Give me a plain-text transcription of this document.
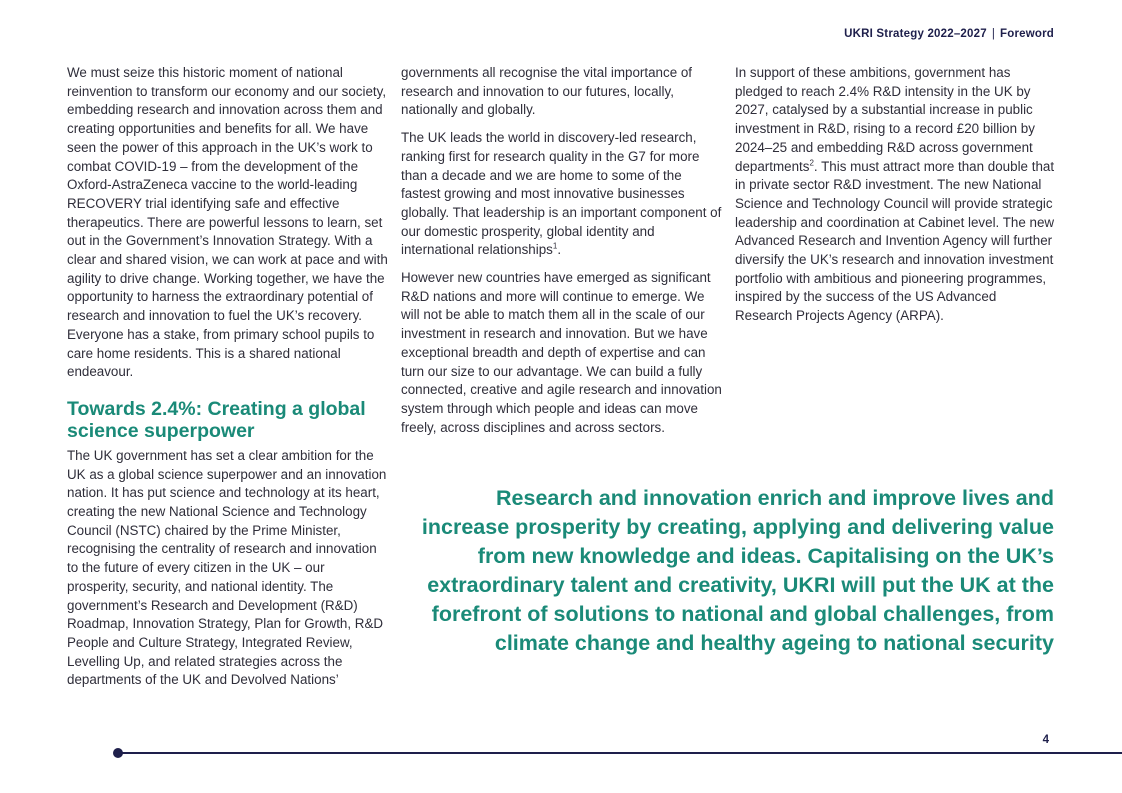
UKRI Strategy 2022–2027 | Foreword

We must seize this historic moment of national reinvention to transform our economy and our society, embedding research and innovation across them and creating opportunities and benefits for all. We have seen the power of this approach in the UK’s work to combat COVID-19 – from the development of the Oxford-AstraZeneca vaccine to the world-leading RECOVERY trial identifying safe and effective therapeutics. There are powerful lessons to learn, set out in the Government’s Innovation Strategy. With a clear and shared vision, we can work at pace and with agility to drive change. Working together, we have the opportunity to harness the extraordinary potential of research and innovation to fuel the UK’s recovery. Everyone has a stake, from primary school pupils to care home residents. This is a shared national endeavour.

Towards 2.4%: Creating a global science superpower

The UK government has set a clear ambition for the UK as a global science superpower and an innovation nation. It has put science and technology at its heart, creating the new National Science and Technology Council (NSTC) chaired by the Prime Minister, recognising the centrality of research and innovation to the future of every citizen in the UK – our prosperity, security, and national identity. The government’s Research and Development (R&D) Roadmap, Innovation Strategy, Plan for Growth, R&D People and Culture Strategy, Integrated Review, Levelling Up, and related strategies across the departments of the UK and Devolved Nations’

governments all recognise the vital importance of research and innovation to our futures, locally, nationally and globally.

The UK leads the world in discovery-led research, ranking first for research quality in the G7 for more than a decade and we are home to some of the fastest growing and most innovative businesses globally. That leadership is an important component of our domestic prosperity, global identity and international relationships$^1$.

However new countries have emerged as significant R&D nations and more will continue to emerge. We will not be able to match them all in the scale of our investment in research and innovation. But we have exceptional breadth and depth of expertise and can turn our size to our advantage. We can build a fully connected, creative and agile research and innovation system through which people and ideas can move freely, across disciplines and across sectors.

In support of these ambitions, government has pledged to reach 2.4% R&D intensity in the UK by 2027, catalysed by a substantial increase in public investment in R&D, rising to a record £20 billion by 2024–25 and embedding R&D across government departments$^2$. This must attract more than double that in private sector R&D investment. The new National Science and Technology Council will provide strategic leadership and coordination at Cabinet level. The new Advanced Research and Invention Agency will further diversify the UK’s research and innovation investment portfolio with ambitious and pioneering programmes, inspired by the success of the US Advanced Research Projects Agency (ARPA).

Research and innovation enrich and improve lives and increase prosperity by creating, applying and delivering value from new knowledge and ideas. Capitalising on the UK’s extraordinary talent and creativity, UKRI will put the UK at the forefront of solutions to national and global challenges, from climate change and healthy ageing to national security
4
